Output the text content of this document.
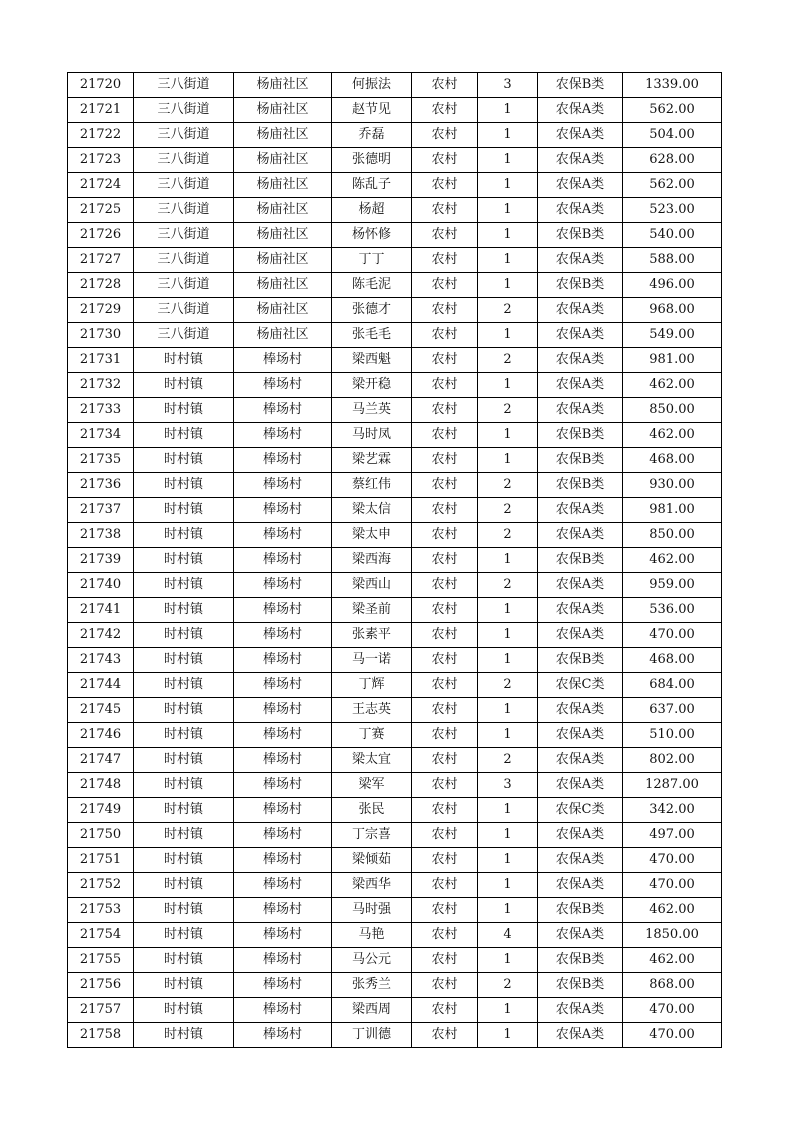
21720	三八街道	杨庙社区	何振法	农村	3	农保B类	1339.00
21721	三八街道	杨庙社区	赵节见	农村	1	农保A类	562.00
21722	三八街道	杨庙社区	乔磊	农村	1	农保A类	504.00
21723	三八街道	杨庙社区	张德明	农村	1	农保A类	628.00
21724	三八街道	杨庙社区	陈乱子	农村	1	农保A类	562.00
21725	三八街道	杨庙社区	杨超	农村	1	农保A类	523.00
21726	三八街道	杨庙社区	杨怀修	农村	1	农保B类	540.00
21727	三八街道	杨庙社区	丁丁	农村	1	农保A类	588.00
21728	三八街道	杨庙社区	陈毛泥	农村	1	农保B类	496.00
21729	三八街道	杨庙社区	张德才	农村	2	农保A类	968.00
21730	三八街道	杨庙社区	张毛毛	农村	1	农保A类	549.00
21731	时村镇	棒场村	梁西魁	农村	2	农保A类	981.00
21732	时村镇	棒场村	梁开稳	农村	1	农保A类	462.00
21733	时村镇	棒场村	马兰英	农村	2	农保A类	850.00
21734	时村镇	棒场村	马时凤	农村	1	农保B类	462.00
21735	时村镇	棒场村	梁艺霖	农村	1	农保B类	468.00
21736	时村镇	棒场村	蔡红伟	农村	2	农保B类	930.00
21737	时村镇	棒场村	梁太信	农村	2	农保A类	981.00
21738	时村镇	棒场村	梁太申	农村	2	农保A类	850.00
21739	时村镇	棒场村	梁西海	农村	1	农保B类	462.00
21740	时村镇	棒场村	梁西山	农村	2	农保A类	959.00
21741	时村镇	棒场村	梁圣前	农村	1	农保A类	536.00
21742	时村镇	棒场村	张素平	农村	1	农保A类	470.00
21743	时村镇	棒场村	马一诺	农村	1	农保B类	468.00
21744	时村镇	棒场村	丁辉	农村	2	农保C类	684.00
21745	时村镇	棒场村	王志英	农村	1	农保A类	637.00
21746	时村镇	棒场村	丁赛	农村	1	农保A类	510.00
21747	时村镇	棒场村	梁太宜	农村	2	农保A类	802.00
21748	时村镇	棒场村	梁军	农村	3	农保A类	1287.00
21749	时村镇	棒场村	张民	农村	1	农保C类	342.00
21750	时村镇	棒场村	丁宗喜	农村	1	农保A类	497.00
21751	时村镇	棒场村	梁倾茹	农村	1	农保A类	470.00
21752	时村镇	棒场村	梁西华	农村	1	农保A类	470.00
21753	时村镇	棒场村	马时强	农村	1	农保B类	462.00
21754	时村镇	棒场村	马艳	农村	4	农保A类	1850.00
21755	时村镇	棒场村	马公元	农村	1	农保B类	462.00
21756	时村镇	棒场村	张秀兰	农村	2	农保B类	868.00
21757	时村镇	棒场村	梁西周	农村	1	农保A类	470.00
21758	时村镇	棒场村	丁训德	农村	1	农保A类	470.00
